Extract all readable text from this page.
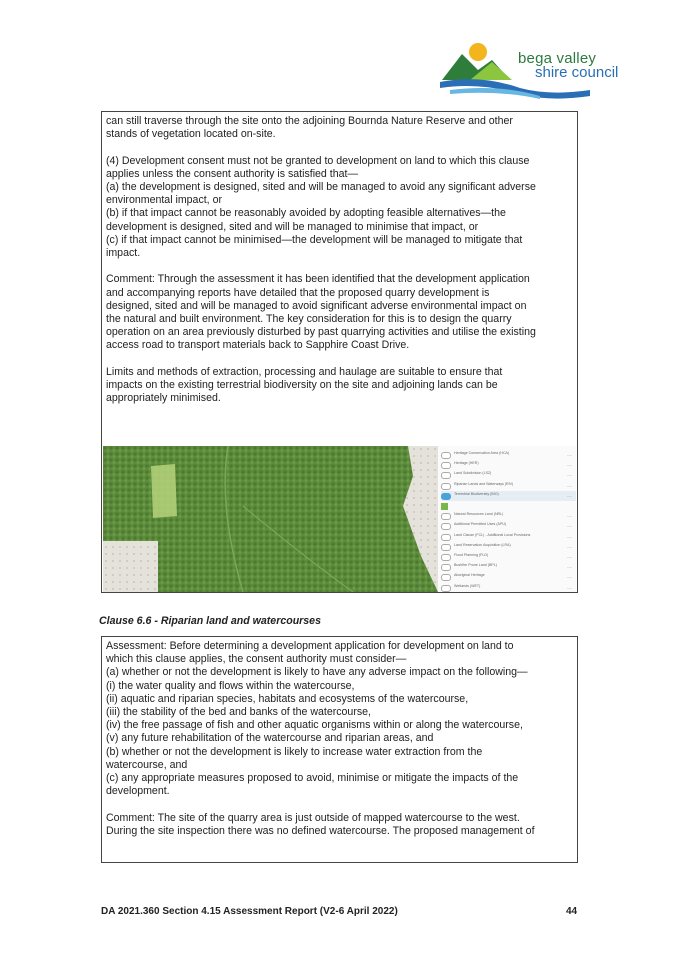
bega valley
shire council
can still traverse through the site onto the adjoining Bournda Nature Reserve and other
stands of vegetation located on-site.
(4) Development consent must not be granted to development on land to which this clause
applies unless the consent authority is satisfied that—
(a) the development is designed, sited and will be managed to avoid any significant adverse
environmental impact, or
(b) if that impact cannot be reasonably avoided by adopting feasible alternatives—the
development is designed, sited and will be managed to minimise that impact, or
(c) if that impact cannot be minimised—the development will be managed to mitigate that
impact.
Comment: Through the assessment it has been identified that the development application
and accompanying reports have detailed that the proposed quarry development is
designed, sited and will be managed to avoid significant adverse environmental impact on
the natural and built environment. The key consideration for this is to design the quarry
operation on an area previously disturbed by past quarrying activities and utilise the existing
access road to transport materials back to Sapphire Coast Drive.
Limits and methods of extraction, processing and haulage are suitable to ensure that
impacts on the existing terrestrial biodiversity on the site and adjoining lands can be
appropriately minimised.
Heritage Conservation Area (HCA)	…
Heritage (HER)	…
Land Subdivision (LSZ)	…
Riparian Lands and Waterways (RIV)	…
Terrestrial Biodiversity (BIO)	…
Natural Resources Land (NRL)	…
Additional Permitted Uses (APU)	…
Land Clause (FCL) - Additional Local Provisions	…
Land Reservation Acquisition (LRA)	…
Flood Planning (FLD)	…
Bushfire Prone Land (BPL)	…
Aboriginal Heritage	…
Wetlands (WET)	…
Clause 6.6 - Riparian land and watercourses
Assessment: Before determining a development application for development on land to
which this clause applies, the consent authority must consider—
(a) whether or not the development is likely to have any adverse impact on the following—
(i) the water quality and flows within the watercourse,
(ii) aquatic and riparian species, habitats and ecosystems of the watercourse,
(iii) the stability of the bed and banks of the watercourse,
(iv) the free passage of fish and other aquatic organisms within or along the watercourse,
(v) any future rehabilitation of the watercourse and riparian areas, and
(b) whether or not the development is likely to increase water extraction from the
watercourse, and
(c) any appropriate measures proposed to avoid, minimise or mitigate the impacts of the
development.
Comment: The site of the quarry area is just outside of mapped watercourse to the west.
During the site inspection there was no defined watercourse. The proposed management of
DA 2021.360 Section 4.15 Assessment Report (V2-6 April 2022)	44
